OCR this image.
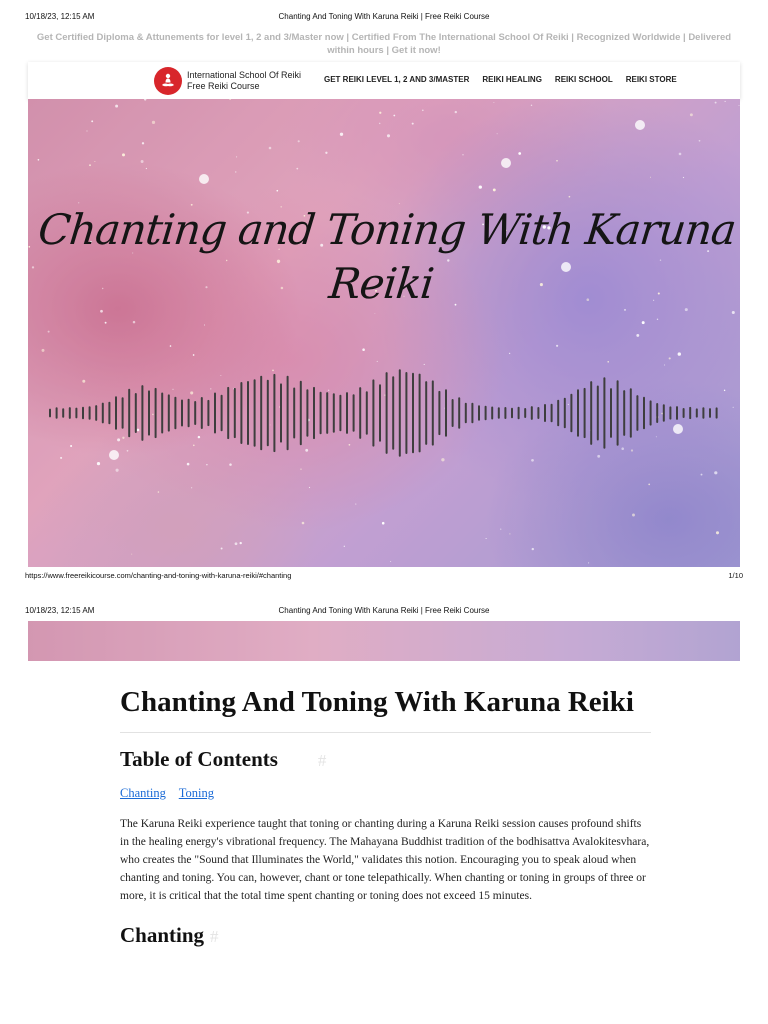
10/18/23, 12:15 AM	Chanting And Toning With Karuna Reiki | Free Reiki Course
Get Certified Diploma & Attunements for level 1, 2 and 3/Master now | Certified From The International School Of Reiki | Recognized Worldwide | Delivered within hours | Get it now!
International School Of Reiki
Free Reiki Course
GET REIKI LEVEL 1, 2 AND 3/MASTER REIKI HEALING REIKI SCHOOL REIKI STORE
Chanting and Toning With Karuna
Reiki
https://www.freereikicourse.com/chanting-and-toning-with-karuna-reiki/#chanting	1/10
10/18/23, 12:15 AM	Chanting And Toning With Karuna Reiki | Free Reiki Course
Chanting And Toning With Karuna Reiki
Table of Contents #
Chanting Toning

The Karuna Reiki experience taught that toning or chanting during a Karuna Reiki session causes profound shifts in the healing energy's vibrational frequency. The Mahayana Buddhist tradition of the bodhisattva Avalokitesvhara, who creates the "Sound that Illuminates the World," validates this notion. Encouraging you to speak aloud when chanting and toning. You can, however, chant or tone telepathically. When chanting or toning in groups of three or more, it is critical that the total time spent chanting or toning does not exceed 15 minutes.

Chanting #
